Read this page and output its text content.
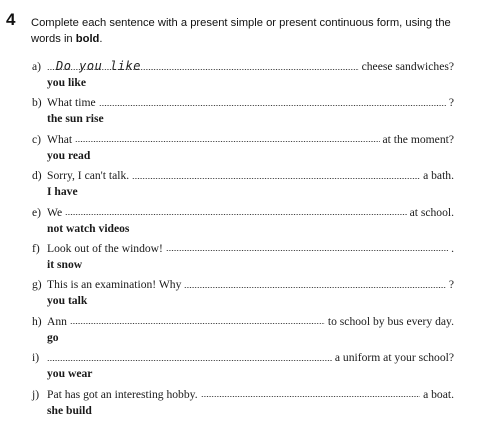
4 Complete each sentence with a present simple or present continuous form, using the words in bold.
a) Do you like	cheese sandwiches?
you like
b) What time	?
the sun rise
c) What	at the moment?
you read
d) Sorry, I can't talk.	a bath.
I have
e) We	at school.
not watch videos
f) Look out of the window!	.
it snow
g) This is an examination! Why	?
you talk
h) Ann	to school by bus every day.
go
i)	a uniform at your school?
you wear
j) Pat has got an interesting hobby.	a boat.
she build
